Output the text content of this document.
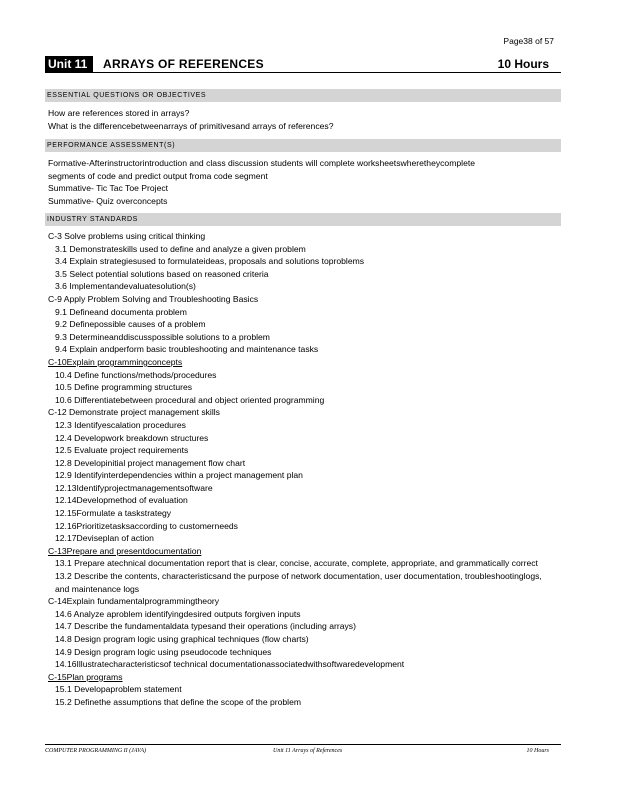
Page38 of 57
Unit 11	ARRAYS OF REFERENCES	10 Hours
ESSENTIAL QUESTIONS OR OBJECTIVES
How are references stored in arrays?
What is the differencebetweenarrays of primitivesand arrays of references?
PERFORMANCE ASSESSMENT(S)
Formative-Afterinstructorintroduction and class discussion students will complete worksheetswheretheycomplete
segments of code and predict output froma code segment
Summative- Tic Tac Toe Project
Summative- Quiz overconcepts
INDUSTRY STANDARDS
C-3 Solve problems using critical thinking
3.1 Demonstrateskills used to define and analyze a given problem
3.4 Explain strategiesused to formulateideas, proposals and solutions toproblems
3.5 Select potential solutions based on reasoned criteria
3.6 Implementandevaluatesolution(s)
C-9 Apply Problem Solving and Troubleshooting Basics
9.1 Defineand documenta problem
9.2 Definepossible causes of a problem
9.3 Determineanddiscusspossible solutions to a problem
9.4 Explain andperform basic troubleshooting and maintenance tasks
C-10Explain programmingconcepts
10.4 Define functions/methods/procedures
10.5 Define programming structures
10.6 Differentiatebetween procedural and object oriented programming
C-12 Demonstrate project management skills
12.3 Identifyescalation procedures
12.4 Developwork breakdown structures
12.5 Evaluate project requirements
12.8 Developinitial project management flow chart
12.9 Identifyinterdependencies within a project management plan
12.13Identifyprojectmanagementsoftware
12.14Developmethod of evaluation
12.15Formulate a taskstrategy
12.16Prioritizetasksaccording to customerneeds
12.17Deviseplan of action
C-13Prepare and presentdocumentation
13.1 Prepare atechnical documentation report that is clear, concise, accurate, complete, appropriate, and grammatically correct
13.2 Describe the contents, characteristicsand the purpose of network documentation, user documentation, troubleshootinglogs, and maintenance logs
C-14Explain fundamentalprogrammingtheory
14.6 Analyze aproblem identifyingdesired outputs forgiven inputs
14.7 Describe the fundamentaldata typesand their operations (including arrays)
14.8 Design program logic using graphical techniques (flow charts)
14.9 Design program logic using pseudocode techniques
14.16Illustratecharacteristicsof technical documentationassociatedwithsoftwaredevelopment
C-15Plan programs
15.1 Developaproblem statement
15.2 Definethe assumptions that define the scope of the problem
COMPUTER PROGRAMMING II (JAVA)	Unit 11 Arrays of References	10 Hours
